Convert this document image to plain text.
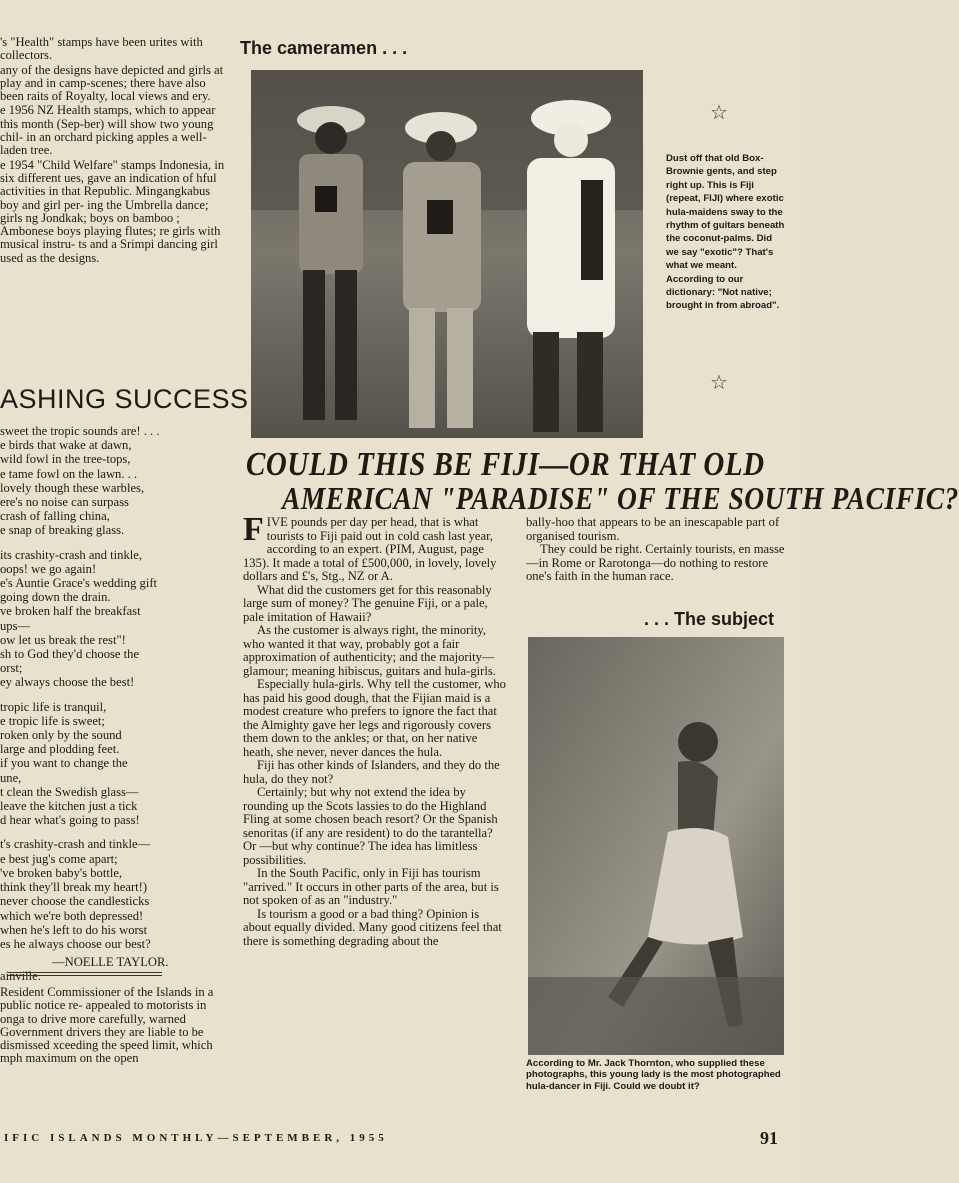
's "Health" stamps have been urites with collectors.

any of the designs have depicted and girls at play and in camp-scenes; there have also been raits of Royalty, local views and ery.

e 1956 NZ Health stamps, which to appear this month (Sep-ber) will show two young chil- in an orchard picking apples a well-laden tree.

e 1954 "Child Welfare" stamps Indonesia, in six different ues, gave an indication of hful activities in that Republic. Mingangkabus boy and girl per- ing the Umbrella dance; girls ng Jondkak; boys on bamboo ; Ambonese boys playing flutes; re girls with musical instru- ts and a Srimpi dancing girl used as the designs.

ASHING SUCCESS
sweet the tropic sounds are! . . .
e birds that wake at dawn,
wild fowl in the tree-tops,
e tame fowl on the lawn. . .
lovely though these warbles,
ere's no noise can surpass
crash of falling china,
e snap of breaking glass.
its crashity-crash and tinkle,
oops! we go again!
e's Auntie Grace's wedding gift
going down the drain.
ve broken half the breakfast
ups—
ow let us break the rest"!
sh to God they'd choose the
orst;
ey always choose the best!
tropic life is tranquil,
e tropic life is sweet;
roken only by the sound
large and plodding feet.
if you want to change the
une,
t clean the Swedish glass—
leave the kitchen just a tick
d hear what's going to pass!
t's crashity-crash and tinkle—
e best jug's come apart;
've broken baby's bottle,
think they'll break my heart!)
never choose the candlesticks
which we're both depressed!
when he's left to do his worst
es he always choose our best?
—NOELLE TAYLOR.
ainville.

Resident Commissioner of the Islands in a public notice re- appealed to motorists in onga to drive more carefully, warned Government drivers they are liable to be dismissed xceeding the speed limit, which mph maximum on the open

The cameramen . . .
☆
Dust off that old Box-Brownie gents, and step right up. This is Fiji (repeat, FIJI) where exotic hula-maidens sway to the rhythm of guitars beneath the coconut-palms. Did we say "exotic"? That's what we meant. According to our dictionary: "Not native; brought in from abroad".
☆
COULD THIS BE FIJI—OR THAT OLD
AMERICAN "PARADISE" OF THE SOUTH PACIFIC?

FIVE pounds per day per head, that is what tourists to Fiji paid out in cold cash last year, according to an expert. (PIM, August, page 135). It made a total of £500,000, in lovely, lovely dollars and £'s, Stg., NZ or A.

What did the customers get for this reasonably large sum of money? The genuine Fiji, or a pale, pale imitation of Hawaii?

As the customer is always right, the minority, who wanted it that way, probably got a fair approximation of authenticity; and the majority—glamour; meaning hibiscus, guitars and hula-girls.

Especially hula-girls. Why tell the customer, who has paid his good dough, that the Fijian maid is a modest creature who prefers to ignore the fact that the Almighty gave her legs and rigorously covers them down to the ankles; or that, on her native heath, she never, never dances the hula.

Fiji has other kinds of Islanders, and they do the hula, do they not?

Certainly; but why not extend the idea by rounding up the Scots lassies to do the Highland Fling at some chosen beach resort? Or the Spanish senoritas (if any are resident) to do the tarantella? Or —but why continue? The idea has limitless possibilities.

In the South Pacific, only in Fiji has tourism "arrived." It occurs in other parts of the area, but is not spoken of as an "industry."

Is tourism a good or a bad thing? Opinion is about equally divided. Many good citizens feel that there is something degrading about the

bally-hoo that appears to be an inescapable part of organised tourism.

They could be right. Certainly tourists, en masse—in Rome or Rarotonga—do nothing to restore one's faith in the human race.

. . . The subject
According to Mr. Jack Thornton, who supplied these photographs, this young lady is the most photographed hula-dancer in Fiji. Could we doubt it?
IFIC ISLANDS MONTHLY—SEPTEMBER, 1955	91
